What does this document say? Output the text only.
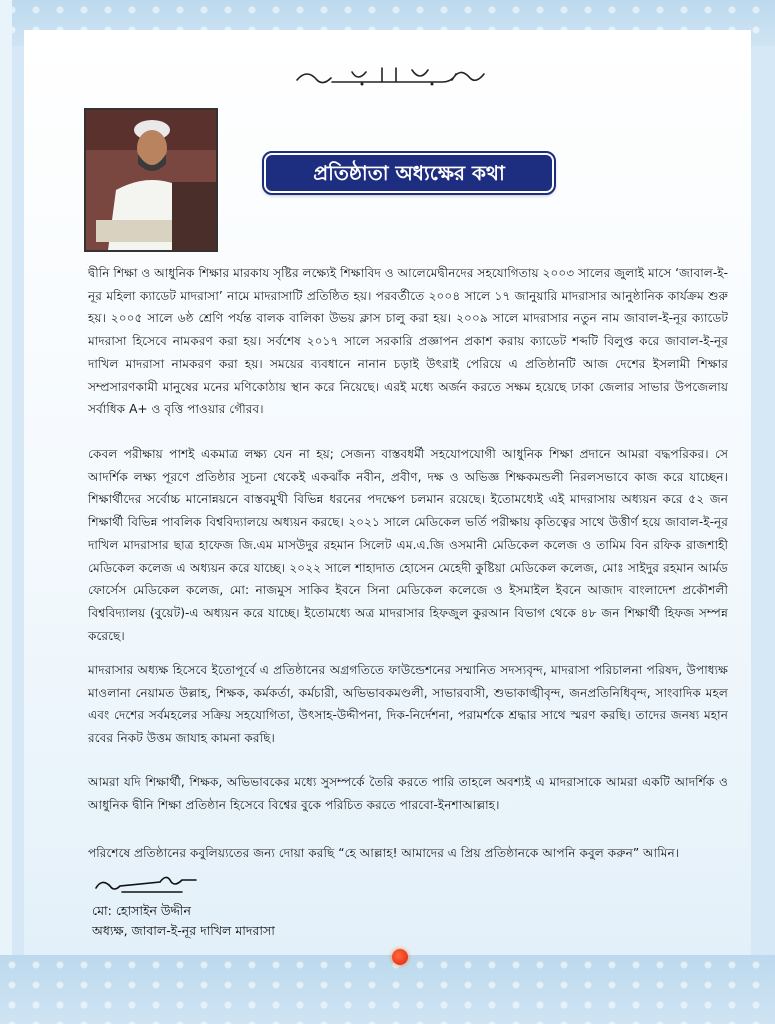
প্রতিষ্ঠাতা অধ্যক্ষের কথা

দ্বীনি শিক্ষা ও আধুনিক শিক্ষার মারকায সৃষ্টির লক্ষ্যেই শিক্ষাবিদ ও আলেমেদ্বীনদের সহযোগিতায় ২০০৩ সালের জুলাই মাসে ‘জাবাল-ই-নূর মহিলা ক্যাডেট মাদরাসা’ নামে মাদরাসাটি প্রতিষ্ঠিত হয়। পরবর্তীতে ২০০৪ সালে ১৭ জানুয়ারি মাদরাসার আনুষ্ঠানিক কার্যক্রম শুরু হয়। ২০০৫ সালে ৬ষ্ঠ শ্রেণি পর্যন্ত বালক বালিকা উভয় ক্লাস চালু করা হয়। ২০০৯ সালে মাদরাসার নতুন নাম জাবাল-ই-নূর ক্যাডেট মাদরাসা হিসেবে নামকরণ করা হয়। সর্বশেষ ২০১৭ সালে সরকারি প্রজ্ঞাপন প্রকাশ করায় ক্যাডেট শব্দটি বিলুপ্ত করে জাবাল-ই-নূর দাখিল মাদরাসা নামকরণ করা হয়। সময়ের ব্যবধানে নানান চড়াই উৎরাই পেরিয়ে এ প্রতিষ্ঠানটি আজ দেশের ইসলামী শিক্ষার সম্প্রসারণকামী মানুষের মনের মণিকোঠায় স্থান করে নিয়েছে। এরই মধ্যে অর্জন করতে সক্ষম হয়েছে ঢাকা জেলার সাভার উপজেলায় সর্বাধিক A+ ও বৃত্তি পাওয়ার গৌরব।

কেবল পরীক্ষায় পাশই একমাত্র লক্ষ্য যেন না হয়; সেজন্য বাস্তবধর্মী সহযোপযোগী আধুনিক শিক্ষা প্রদানে আমরা বদ্ধপরিকর। সে আদর্শিক লক্ষ্য পূরণে প্রতিষ্ঠার সূচনা থেকেই একঝাঁক নবীন, প্রবীণ, দক্ষ ও অভিজ্ঞ শিক্ষকমন্ডলী নিরলসভাবে কাজ করে যাচ্ছেন। শিক্ষার্থীদের সর্বোচ্চ মানোন্নয়নে বাস্তবমুখী বিভিন্ন ধরনের পদক্ষেপ চলমান রয়েছে। ইতোমধ্যেই এই মাদরাসায় অধ্যয়ন করে ৫২ জন শিক্ষার্থী বিভিন্ন পাবলিক বিশ্ববিদ্যালয়ে অধ্যয়ন করছে। ২০২১ সালে মেডিকেল ভর্তি পরীক্ষায় কৃতিত্বের সাথে উত্তীর্ণ হয়ে জাবাল-ই-নূর দাখিল মাদরাসার ছাত্র হাফেজ জি.এম মাসউদুর রহমান সিলেট এম.এ.জি ওসমানী মেডিকেল কলেজ ও তামিম বিন রফিক রাজশাহী মেডিকেল কলেজ এ অধ্যয়ন করে যাচ্ছে। ২০২২ সালে শাহাদাত হোসেন মেহেদী কুষ্টিয়া মেডিকেল কলেজ, মোঃ সাইদুর রহমান আর্মড ফোর্সেস মেডিকেল কলেজ, মো: নাজমুস সাকিব ইবনে সিনা মেডিকেল কলেজে ও ইসমাইল ইবনে আজাদ বাংলাদেশ প্রকৌশলী বিশ্ববিদ্যালয় (বুয়েট)-এ অধ্যয়ন করে যাচ্ছে। ইতোমধ্যে অত্র মাদরাসার হিফজুল কুরআন বিভাগ থেকে ৪৮ জন শিক্ষার্থী হিফজ সম্পন্ন করেছে।

মাদরাসার অধ্যক্ষ হিসেবে ইতোপূর্বে এ প্রতিষ্ঠানের অগ্রগতিতে ফাউন্ডেশনের সম্মানিত সদস্যবৃন্দ, মাদরাসা পরিচালনা পরিষদ, উপাধ্যক্ষ মাওলানা নেয়ামত উল্লাহ, শিক্ষক, কর্মকর্তা, কর্মচারী, অভিভাবকমণ্ডলী, সাভারবাসী, শুভাকাঙ্খীবৃন্দ, জনপ্রতিনিধিবৃন্দ, সাংবাদিক মহল এবং দেশের সর্বমহলের সক্রিয় সহযোগিতা, উৎসাহ-উদ্দীপনা, দিক-নির্দেশনা, পরামর্শকে শ্রদ্ধার সাথে স্মরণ করছি। তাদের জনষ্য মহান রবের নিকট উত্তম জাযাহ কামনা করছি।

আমরা যদি শিক্ষার্থী, শিক্ষক, অভিভাবকের মধ্যে সুসম্পর্কে তৈরি করতে পারি তাহলে অবশ্যই এ মাদরাসাকে আমরা একটি আদর্শিক ও আধুনিক দ্বীনি শিক্ষা প্রতিষ্ঠান হিসেবে বিশ্বের বুকে পরিচিত করতে পারবো-ইনশাআল্লাহ।

পরিশেষে প্রতিষ্ঠানের কবুলিয়্যতের জন্য দোয়া করছি “হে আল্লাহ! আমাদের এ প্রিয় প্রতিষ্ঠানকে আপনি কবুল করুন” আমিন।

মো: হোসাইন উদ্দীন
অধ্যক্ষ, জাবাল-ই-নূর দাখিল মাদরাসা
